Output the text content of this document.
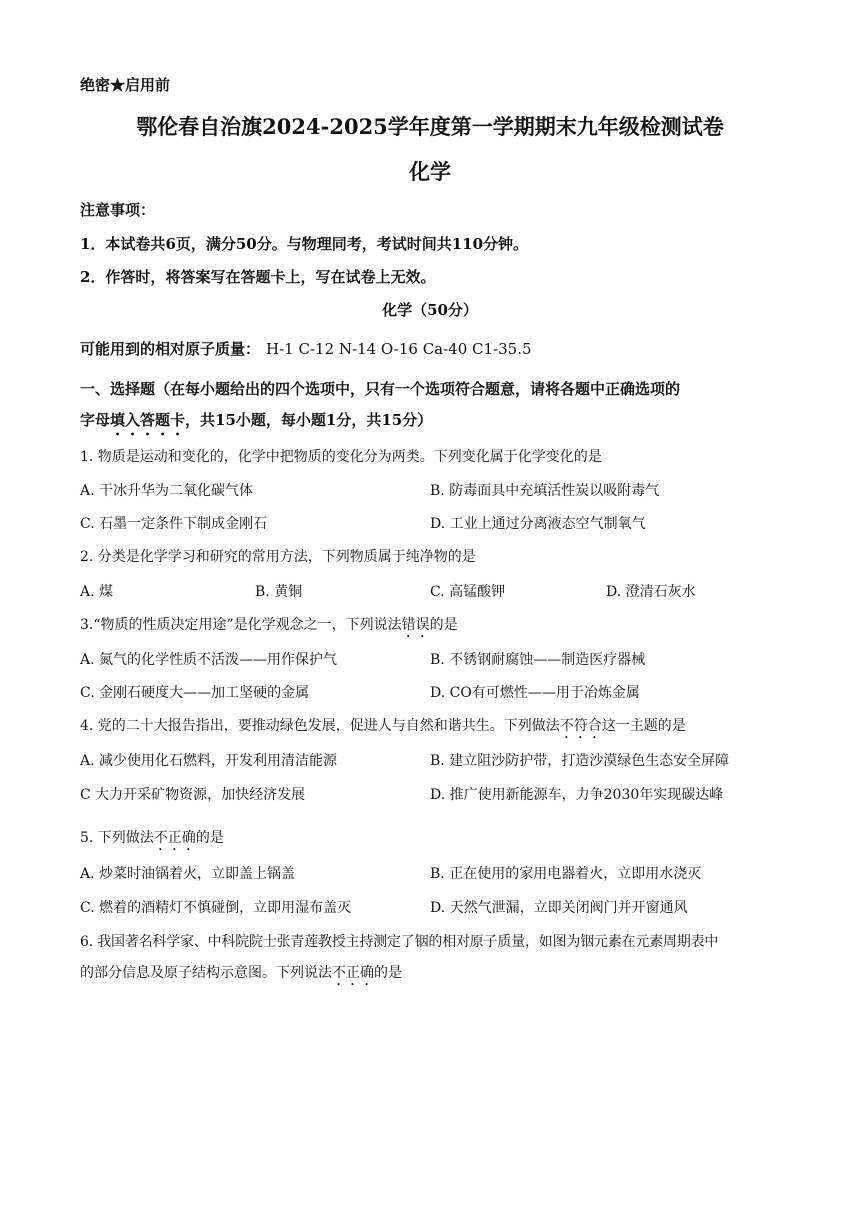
绝密★启用前
鄂伦春自治旗2024-2025学年度第一学期期末九年级检测试卷
化学
注意事项：
1．本试卷共6页，满分50分。与物理同考，考试时间共110分钟。
2．作答时，将答案写在答题卡上，写在试卷上无效。
化学（50分）
可能用到的相对原子质量： H-1 C-12 N-14 O-16 Ca-40 C1-35.5
一、选择题（在每小题给出的四个选项中，只有一个选项符合题意，请将各题中正确选项的
字母填入答题卡，共15小题，每小题1分，共15分）
1. 物质是运动和变化的，化学中把物质的变化分为两类。下列变化属于化学变化的是
A. 干冰升华为二氧化碳气体	B. 防毒面具中充填活性炭以吸附毒气
C. 石墨一定条件下制成金刚石	D. 工业上通过分离液态空气制氧气
2. 分类是化学学习和研究的常用方法，下列物质属于纯净物的是
A. 煤	B. 黄铜	C. 高锰酸钾	D. 澄清石灰水
3.“物质的性质决定用途”是化学观念之一，下列说法错误的是
A. 氮气的化学性质不活泼——用作保护气	B. 不锈钢耐腐蚀——制造医疗器械
C. 金刚石硬度大——加工坚硬的金属	D. CO有可燃性——用于冶炼金属
4. 党的二十大报告指出，要推动绿色发展，促进人与自然和谐共生。下列做法不符合这一主题的是
A. 减少使用化石燃料，开发利用清洁能源	B. 建立阻沙防护带，打造沙漠绿色生态安全屏障
C 大力开采矿物资源，加快经济发展	D. 推广使用新能源车，力争2030年实现碳达峰
5. 下列做法不正确的是
A. 炒菜时油锅着火，立即盖上锅盖	B. 正在使用的家用电器着火，立即用水浇灭
C. 燃着的酒精灯不慎碰倒，立即用湿布盖灭	D. 天然气泄漏，立即关闭阀门并开窗通风
6. 我国著名科学家、中科院院士张青莲教授主持测定了铟的相对原子质量，如图为铟元素在元素周期表中
的部分信息及原子结构示意图。下列说法不正确的是
